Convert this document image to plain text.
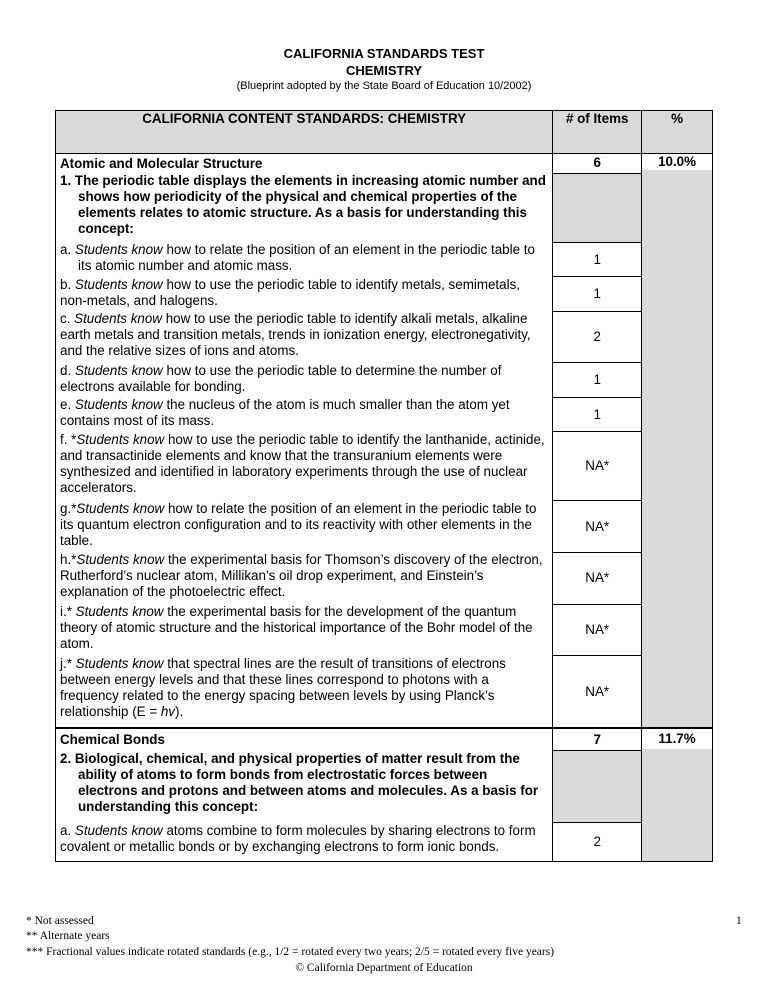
CALIFORNIA STANDARDS TEST
CHEMISTRY
(Blueprint adopted by the State Board of Education 10/2002)
CALIFORNIA CONTENT STANDARDS: CHEMISTRY	# of Items	%
Atomic and Molecular Structure	6	10.0%

1. The periodic table displays the elements in increasing atomic number and shows how periodicity of the physical and chemical properties of the elements relates to atomic structure. As a basis for understanding this concept:		

a. Students know how to relate the position of an element in the periodic table to its atomic number and atomic mass.	1	
b. Students know how to use the periodic table to identify metals, semimetals, non-metals, and halogens.	1	
c. Students know how to use the periodic table to identify alkali metals, alkaline earth metals and transition metals, trends in ionization energy, electronegativity, and the relative sizes of ions and atoms.	2	
d. Students know how to use the periodic table to determine the number of electrons available for bonding.	1	
e. Students know the nucleus of the atom is much smaller than the atom yet contains most of its mass.	1	
f. *Students know how to use the periodic table to identify the lanthanide, actinide, and transactinide elements and know that the transuranium elements were synthesized and identified in laboratory experiments through the use of nuclear accelerators.	NA*	
g.*Students know how to relate the position of an element in the periodic table to its quantum electron configuration and to its reactivity with other elements in the table.	NA*	
h.*Students know the experimental basis for Thomson’s discovery of the electron, Rutherford’s nuclear atom, Millikan’s oil drop experiment, and Einstein’s explanation of the photoelectric effect.	NA*	
i.* Students know the experimental basis for the development of the quantum theory of atomic structure and the historical importance of the Bohr model of the atom.	NA*	
j.* Students know that spectral lines are the result of transitions of electrons between energy levels and that these lines correspond to photons with a frequency related to the energy spacing between levels by using Planck’s relationship (E = hv).	NA*	
Chemical Bonds	7	11.7%

2. Biological, chemical, and physical properties of matter result from the ability of atoms to form bonds from electrostatic forces between electrons and protons and between atoms and molecules. As a basis for understanding this concept:		

a. Students know atoms combine to form molecules by sharing electrons to form covalent or metallic bonds or by exchanging electrons to form ionic bonds.	2	
* Not assessed
** Alternate years
*** Fractional values indicate rotated standards (e.g., 1/2 = rotated every two years; 2/5 = rotated every five years)
© California Department of Education
1
